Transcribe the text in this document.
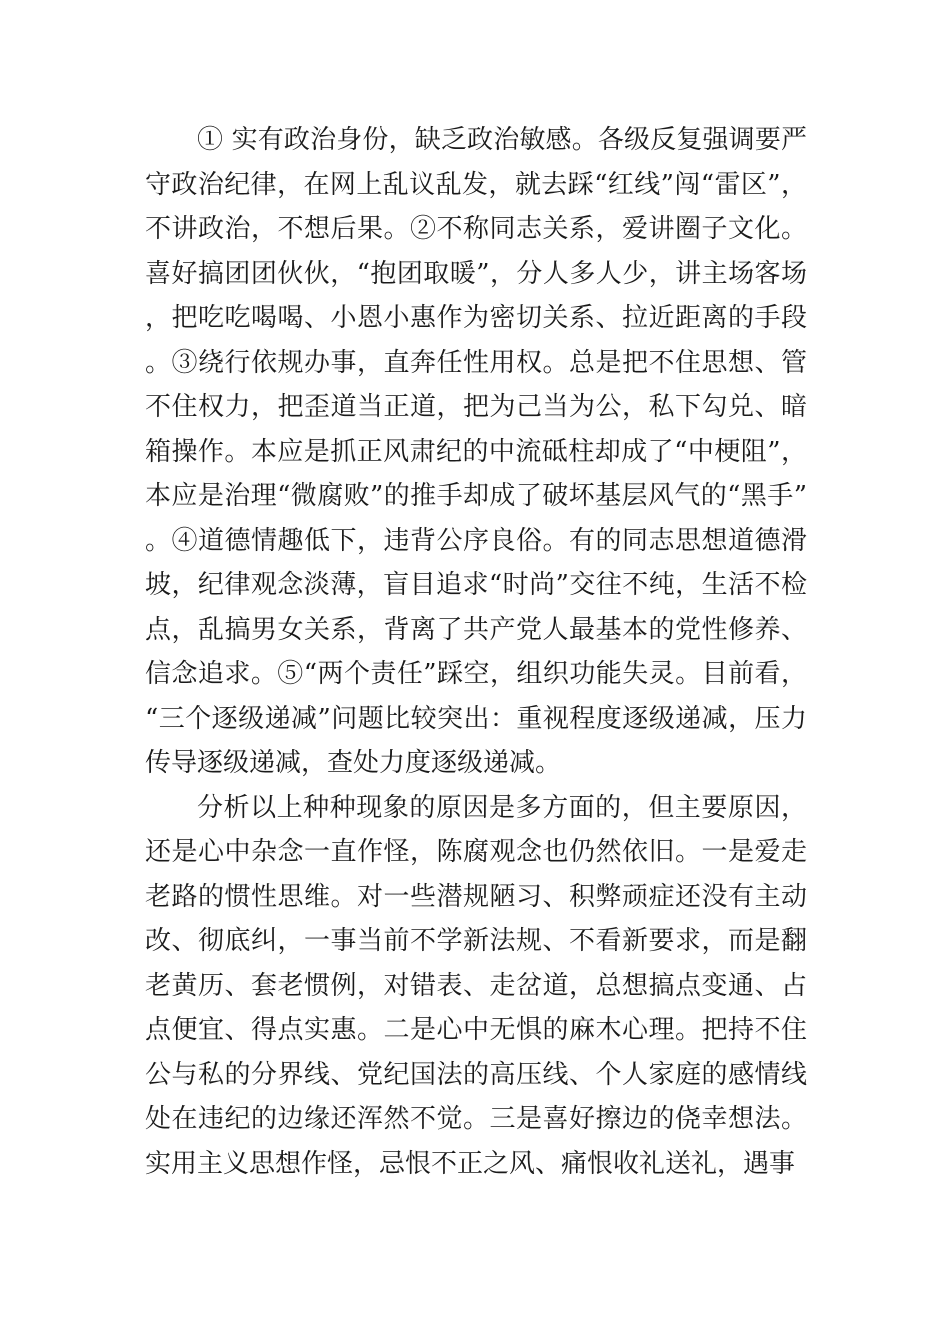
① 实有政治身份，缺乏政治敏感。各级反复强调要严守政治纪律，在网上乱议乱发，就去踩“红线”闯“雷区”，不讲政治，不想后果。②不称同志关系，爱讲圈子文化。喜好搞团团伙伙，“抱团取暖”，分人多人少，讲主场客场，把吃吃喝喝、小恩小惠作为密切关系、拉近距离的手段。③绕行依规办事，直奔任性用权。总是把不住思想、管不住权力，把歪道当正道，把为己当为公，私下勾兑、暗箱操作。本应是抓正风肃纪的中流砥柱却成了“中梗阻”，本应是治理“微腐败”的推手却成了破坏基层风气的“黑手”。④道德情趣低下，违背公序良俗。有的同志思想道德滑坡，纪律观念淡薄，盲目追求“时尚”交往不纯，生活不检点，乱搞男女关系，背离了共产党人最基本的党性修养、信念追求。⑤“两个责任”踩空，组织功能失灵。目前看，“三个逐级递减”问题比较突出：重视程度逐级递减，压力传导逐级递减，查处力度逐级递减。

分析以上种种现象的原因是多方面的，但主要原因，还是心中杂念一直作怪，陈腐观念也仍然依旧。一是爱走老路的惯性思维。对一些潜规陋习、积弊顽症还没有主动改、彻底纠，一事当前不学新法规、不看新要求，而是翻老黄历、套老惯例，对错表、走岔道，总想搞点变通、占点便宜、得点实惠。二是心中无惧的麻木心理。把持不住公与私的分界线、党纪国法的高压线、个人家庭的感情线处在违纪的边缘还浑然不觉。三是喜好擦边的侥幸想法。实用主义思想作怪，忌恨不正之风、痛恨收礼送礼，遇事
